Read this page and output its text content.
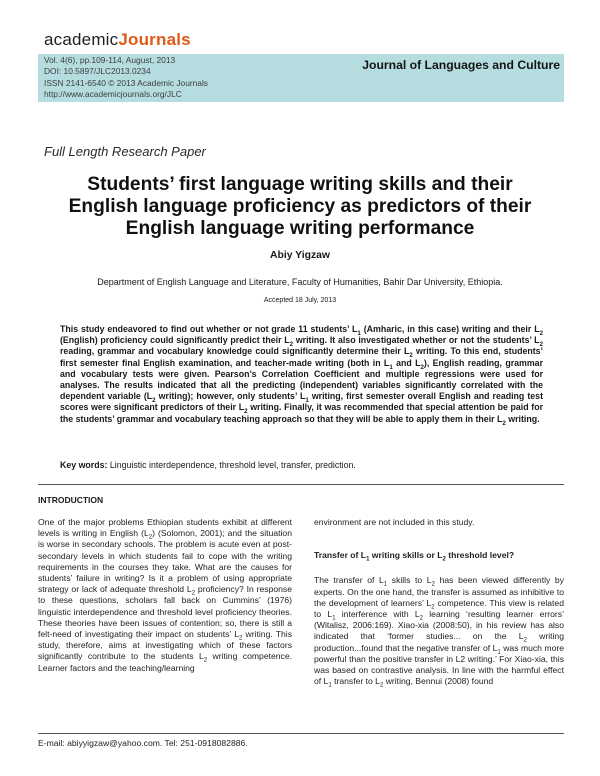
academicJournals
Vol. 4(6), pp.109-114, August, 2013
DOI: 10.5897/JLC2013.0234
ISSN 2141-6540 © 2013 Academic Journals
http://www.academicjournals.org/JLC
Journal of Languages and Culture
Full Length Research Paper
Students’ first language writing skills and their English language proficiency as predictors of their English language writing performance
Abiy Yigzaw
Department of English Language and Literature, Faculty of Humanities, Bahir Dar University, Ethiopia.
Accepted 18 July, 2013
This study endeavored to find out whether or not grade 11 students’ $L_1$ (Amharic, in this case) writing and their $L_2$ (English) proficiency could significantly predict their $L_2$ writing. It also investigated whether or not the students’ $L_2$ reading, grammar and vocabulary knowledge could significantly determine their $L_2$ writing. To this end, students’ first semester final English examination, and teacher-made writing (both in $L_1$ and $L_2$), English reading, grammar and vocabulary tests were given. Pearson’s Correlation Coefficient and multiple regressions were used for analyses. The results indicated that all the predicting (independent) variables significantly correlated with the dependent variable ($L_2$ writing); however, only students’ $L_1$ writing, first semester overall English and reading test scores were significant predictors of their $L_2$ writing. Finally, it was recommended that special attention be paid for the students’ grammar and vocabulary teaching approach so that they will be able to apply them in their $L_2$ writing.
Key words: Linguistic interdependence, threshold level, transfer, prediction.
INTRODUCTION
One of the major problems Ethiopian students exhibit at different levels is writing in English $(L_2)$ (Solomon, 2001); and the situation is worse in secondary schools. The problem is acute even at post-secondary levels in which students fail to cope with the writing requirements in the courses they take. What are the causes for students’ failure in writing? Is it a problem of using appropriate strategy or lack of adequate threshold $L_2$ proficiency? In response to these questions, scholars fall back on Cummins’ (1976) linguistic interdependence and threshold level proficiency theories. These theories have been issues of contention; so, there is still a felt-need of investigating their impact on students’ $L_2$ writing. This study, therefore, aims at investigating which of these factors significantly contribute to the students $L_2$ writing competence. Learner factors and the teaching/learning
environment are not included in this study.
Transfer of $L_1$ writing skills or $L_2$ threshold level?
The transfer of $L_1$ skills to $L_2$ has been viewed differently by experts. On the one hand, the transfer is assumed as inhibitive to the development of learners’ $L_2$ competence. This view is related to $L_1$ interference with $L_2$ learning ‘resulting learner errors’ (Witalisz, 2006:169). Xiao-xia (2008:50), in his review has also indicated that ‘former studies... on the $L_2$ writing production...found that the negative transfer of $L_1$ was much more powerful than the positive transfer in L2 writing.’ For Xiao-xia, this was based on contrastive analysis. In line with the harmful effect of $L_1$ transfer to $L_2$ writing, Bennui (2008) found
E-mail: abiyyigzaw@yahoo.com. Tel: 251-0918082886.
